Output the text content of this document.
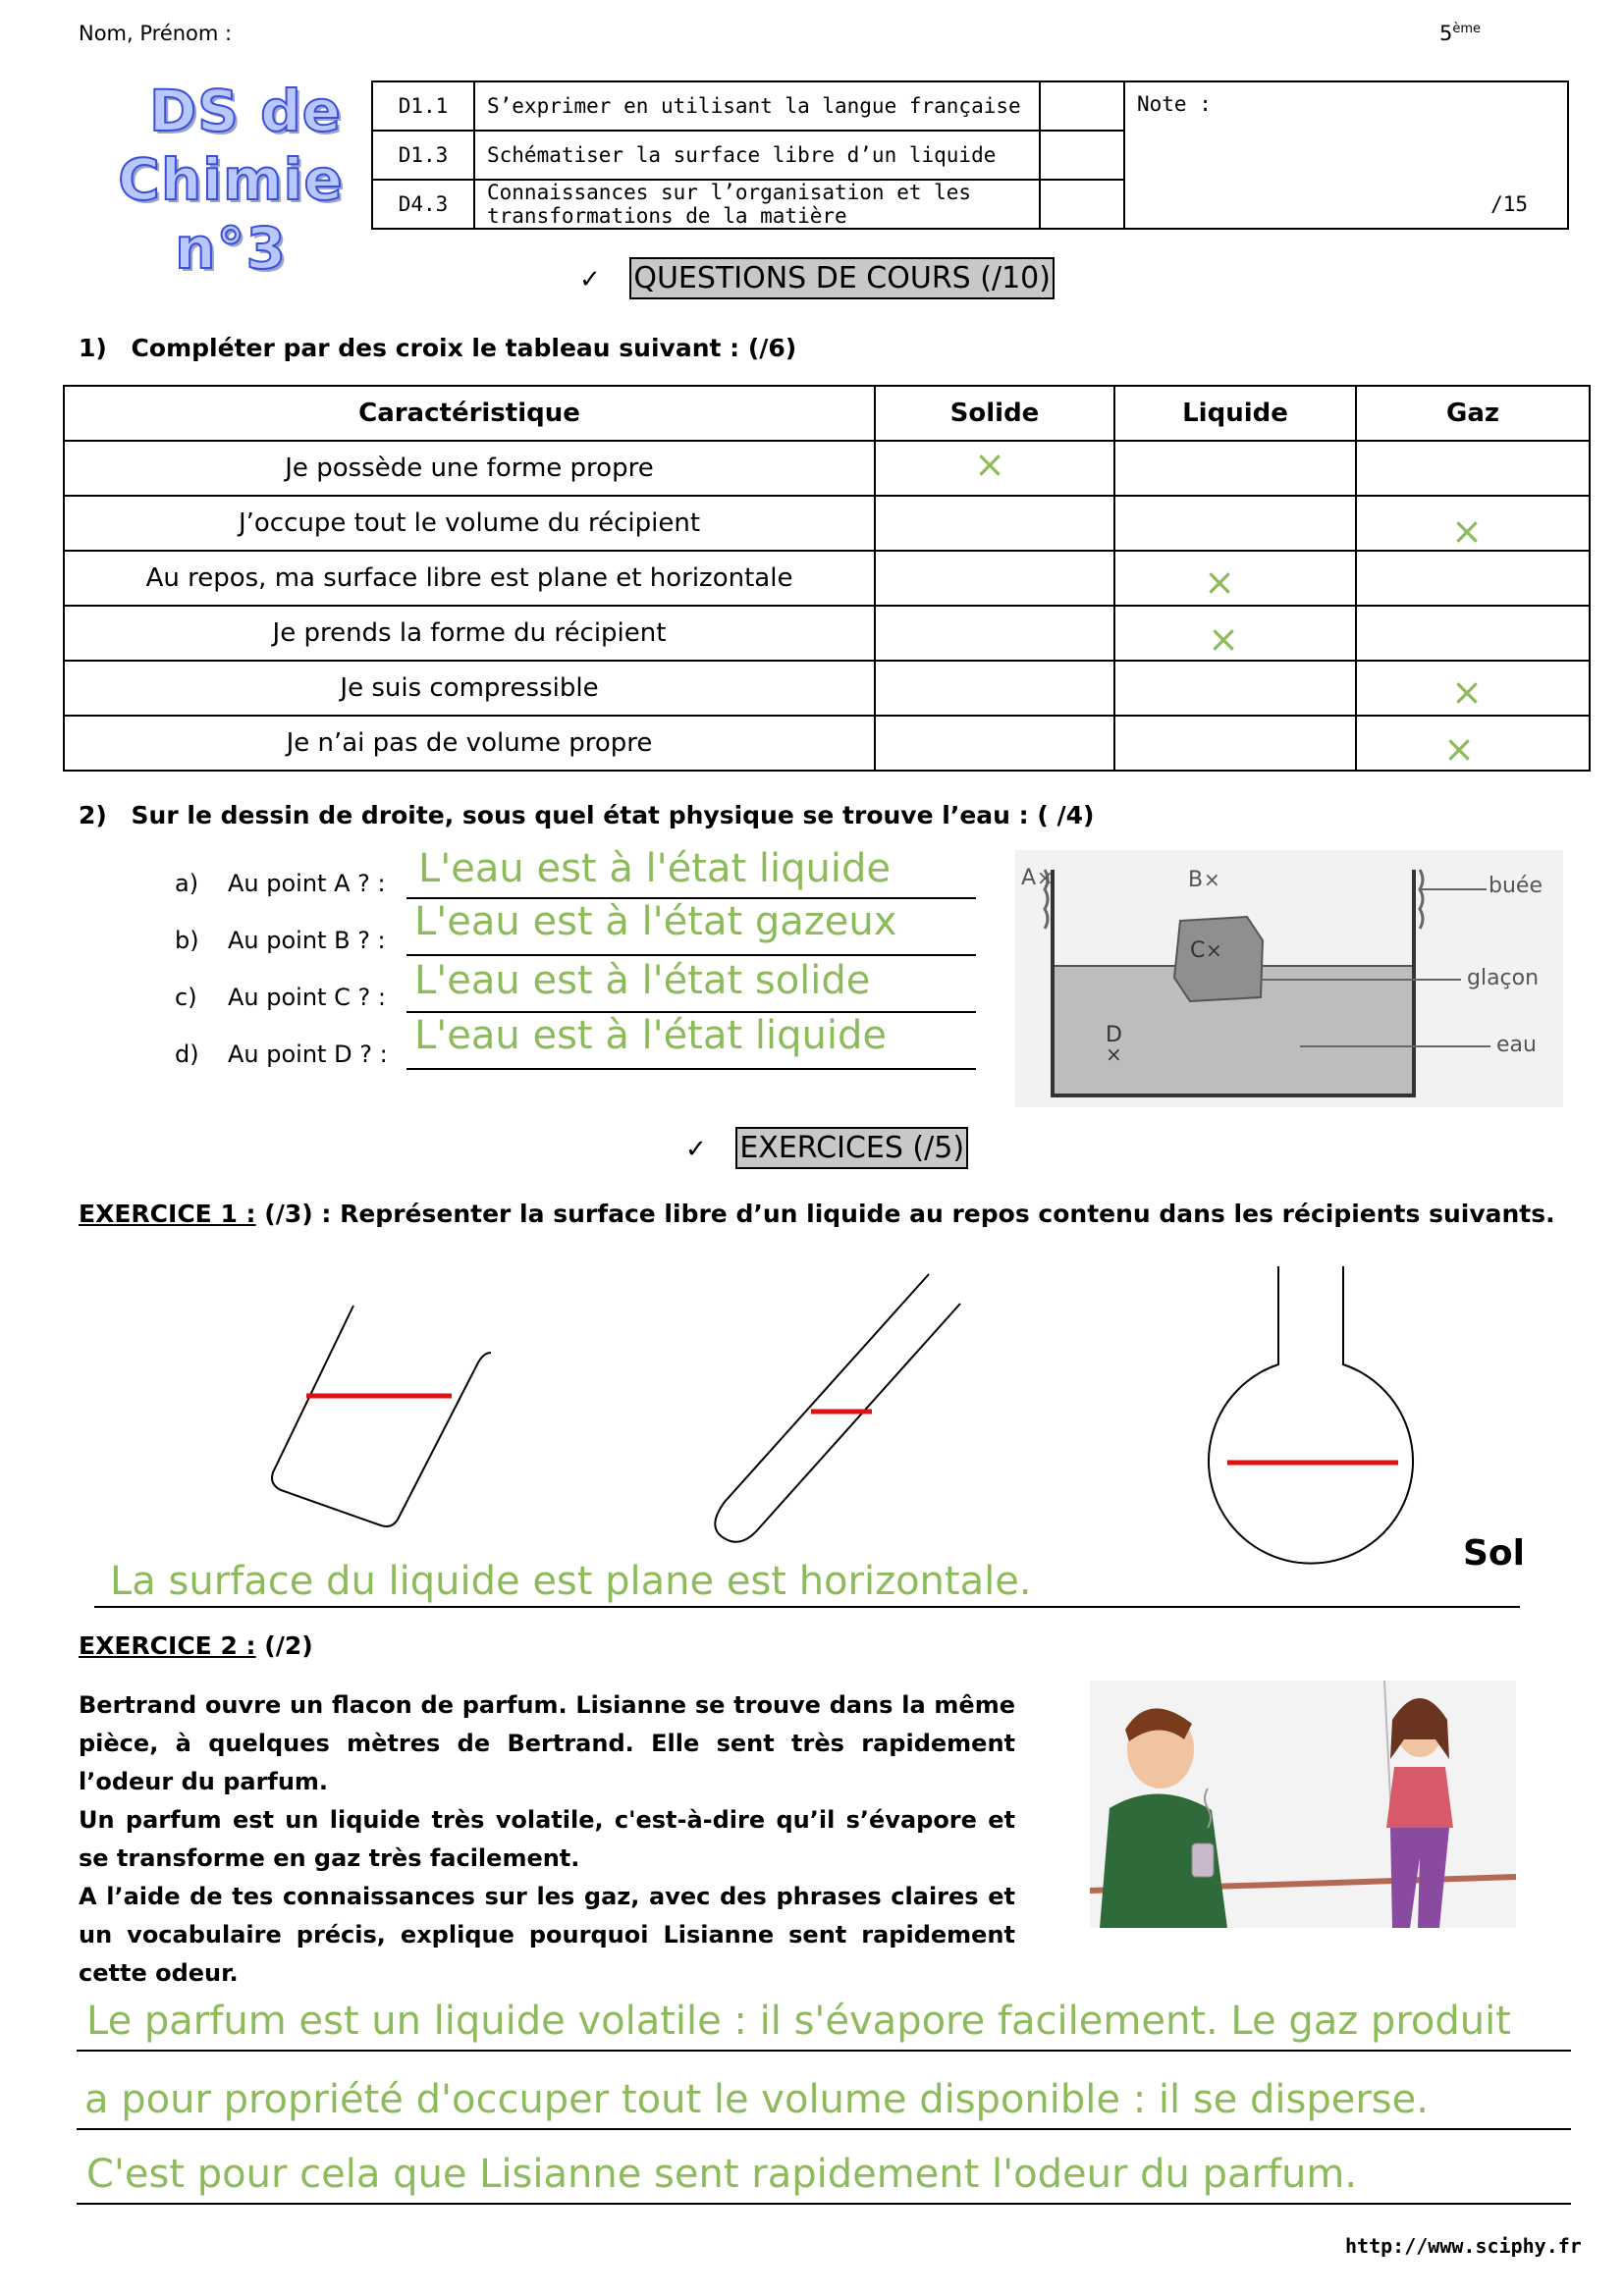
Nom, Prénom :	5ème
DS de
Chimie n°3
D1.1	S’exprimer en utilisant la langue française		Note :
D1.3	Schématiser la surface libre d’un liquide		
D4.3	Connaissances sur l’organisation et les transformations de la matière		/15
✓ QUESTIONS DE COURS (/10)
1) Compléter par des croix le tableau suivant : (/6)
Caractéristique	Solide	Liquide	Gaz
Je possède une forme propre	×		
J’occupe tout le volume du récipient			×
Au repos, ma surface libre est plane et horizontale		×	
Je prends la forme du récipient		×	
Je suis compressible			×
Je n’ai pas de volume propre			×
2) Sur le dessin de droite, sous quel état physique se trouve l’eau : ( /4)
a) Au point A ? : L'eau est à l'état liquide
b) Au point B ? : L'eau est à l'état gazeux
c) Au point C ? : L'eau est à l'état solide
d) Au point D ? : L'eau est à l'état liquide
A ×	B ×
C ×
D
×
buée
glaçon
eau
✓ EXERCICES (/5)
EXERCICE 1 : (/3) : Représenter la surface libre d’un liquide au repos contenu dans les récipients suivants.
Sol
La surface du liquide est plane est horizontale.
EXERCICE 2 : (/2)
Bertrand ouvre un flacon de parfum. Lisianne se trouve dans la même
pièce, à quelques mètres de Bertrand. Elle sent très rapidement
l’odeur du parfum.
Un parfum est un liquide très volatile, c'est-à-dire qu’il s’évapore et
se transforme en gaz très facilement.
A l’aide de tes connaissances sur les gaz, avec des phrases claires et
un vocabulaire précis, explique pourquoi Lisianne sent rapidement
cette odeur.
Le parfum est un liquide volatile : il s'évapore facilement. Le gaz produit
a pour propriété d'occuper tout le volume disponible : il se disperse.
C'est pour cela que Lisianne sent rapidement l'odeur du parfum.
http://www.sciphy.fr
